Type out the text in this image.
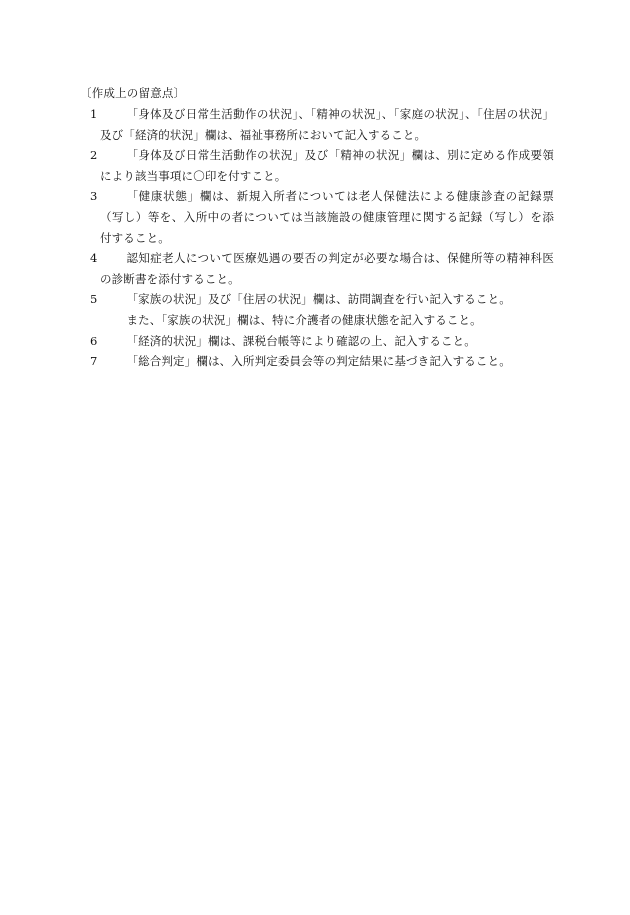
〔作成上の留意点〕
1	「身体及び日常生活動作の状況」、「精神の状況」、「家庭の状況」、「住居の状況」及び「経済的状況」欄は、福祉事務所において記入すること。
2	「身体及び日常生活動作の状況」及び「精神の状況」欄は、別に定める作成要領により該当事項に〇印を付すこと。
3	「健康状態」欄は、新規入所者については老人保健法による健康診査の記録票（写し）等を、入所中の者については当該施設の健康管理に関する記録（写し）を添付すること。
4	認知症老人について医療処遇の要否の判定が必要な場合は、保健所等の精神科医の診断書を添付すること。
5	「家族の状況」及び「住居の状況」欄は、訪問調査を行い記入すること。
また、「家族の状況」欄は、特に介護者の健康状態を記入すること。
6	「経済的状況」欄は、課税台帳等により確認の上、記入すること。
7	「総合判定」欄は、入所判定委員会等の判定結果に基づき記入すること。
